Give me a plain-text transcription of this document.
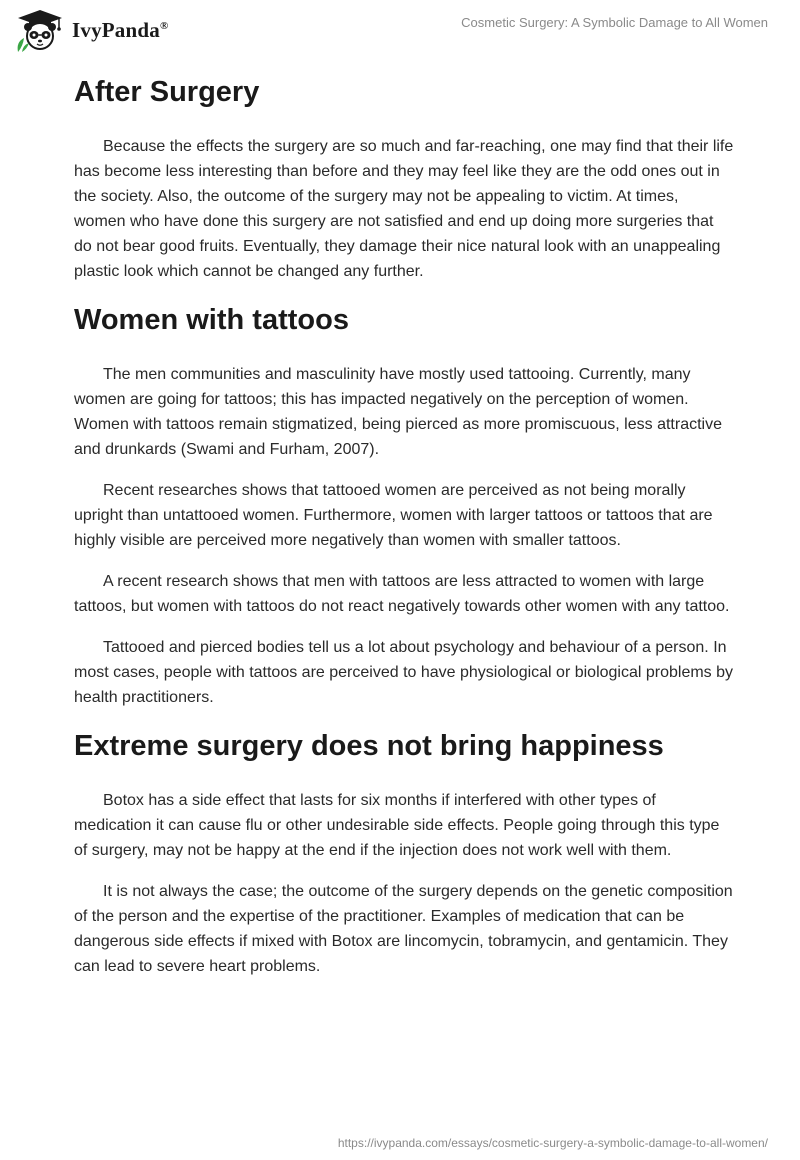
IvyPanda®	Cosmetic Surgery: A Symbolic Damage to All Women
After Surgery

Because the effects the surgery are so much and far-reaching, one may find that their life has become less interesting than before and they may feel like they are the odd ones out in the society. Also, the outcome of the surgery may not be appealing to victim. At times, women who have done this surgery are not satisfied and end up doing more surgeries that do not bear good fruits. Eventually, they damage their nice natural look with an unappealing plastic look which cannot be changed any further.

Women with tattoos

The men communities and masculinity have mostly used tattooing. Currently, many women are going for tattoos; this has impacted negatively on the perception of women. Women with tattoos remain stigmatized, being pierced as more promiscuous, less attractive and drunkards (Swami and Furham, 2007).

Recent researches shows that tattooed women are perceived as not being morally upright than untattooed women. Furthermore, women with larger tattoos or tattoos that are highly visible are perceived more negatively than women with smaller tattoos.

A recent research shows that men with tattoos are less attracted to women with large tattoos, but women with tattoos do not react negatively towards other women with any tattoo.

Tattooed and pierced bodies tell us a lot about psychology and behaviour of a person. In most cases, people with tattoos are perceived to have physiological or biological problems by health practitioners.

Extreme surgery does not bring happiness

Botox has a side effect that lasts for six months if interfered with other types of medication it can cause flu or other undesirable side effects. People going through this type of surgery, may not be happy at the end if the injection does not work well with them.

It is not always the case; the outcome of the surgery depends on the genetic composition of the person and the expertise of the practitioner. Examples of medication that can be dangerous side effects if mixed with Botox are lincomycin, tobramycin, and gentamicin. They can lead to severe heart problems.

https://ivypanda.com/essays/cosmetic-surgery-a-symbolic-damage-to-all-women/
